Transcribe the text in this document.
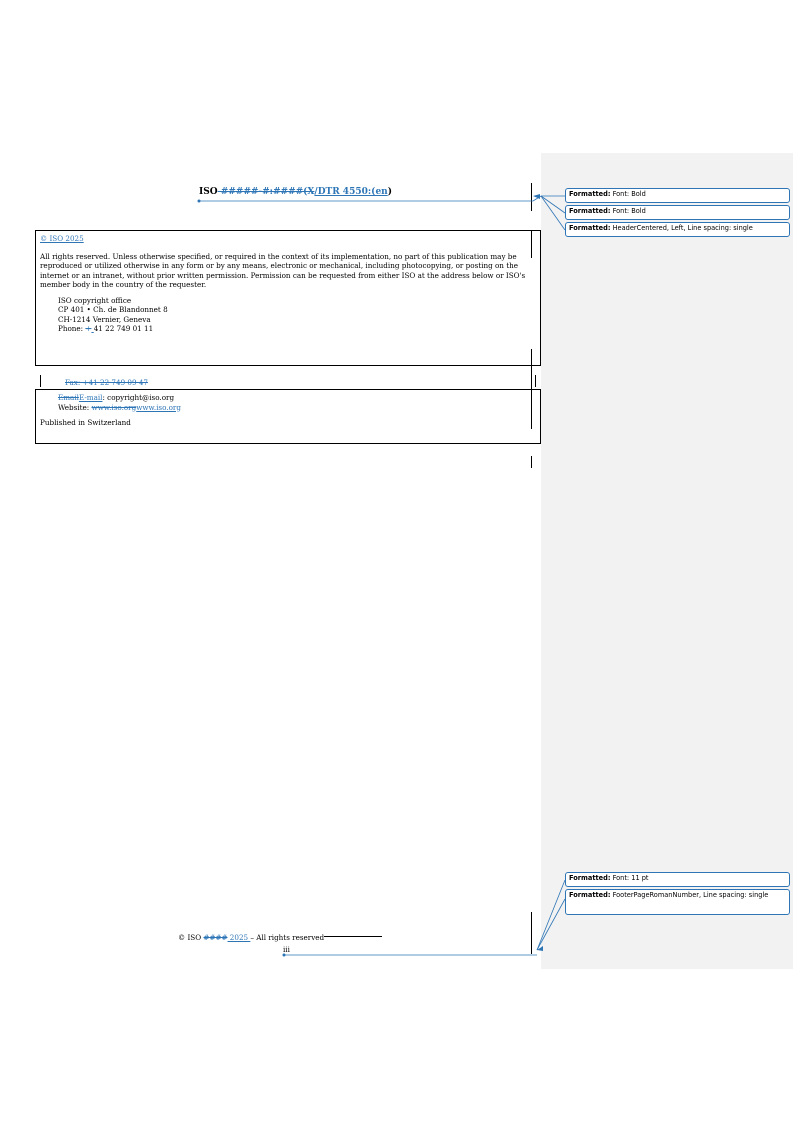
ISO #####-#:####(X/DTR 4550:(en)

© ISO 2025

All rights reserved. Unless otherwise specified, or required in the context of its implementation, no part of this publication may be reproduced or utilized otherwise in any form or by any means, electronic or mechanical, including photocopying, or posting on the internet or an intranet, without prior written permission. Permission can be requested from either ISO at the address below or ISO's member body in the country of the requester.

ISO copyright office

CP 401 • Ch. de Blandonnet 8

CH-1214 Vernier, Geneva

Phone: + 41 22 749 01 11

Fax: +41 22 749 09 47

EmailE-mail: copyright@iso.org

Website: www.iso.orgwww.iso.org

Published in Switzerland

Formatted: Font: Bold
Formatted: Font: Bold
Formatted: HeaderCentered, Left, Line spacing: single
Formatted: Font: 11 pt
Formatted: FooterPageRomanNumber, Line spacing: single
© ISO #### 2025 – All rights reserved
iii
